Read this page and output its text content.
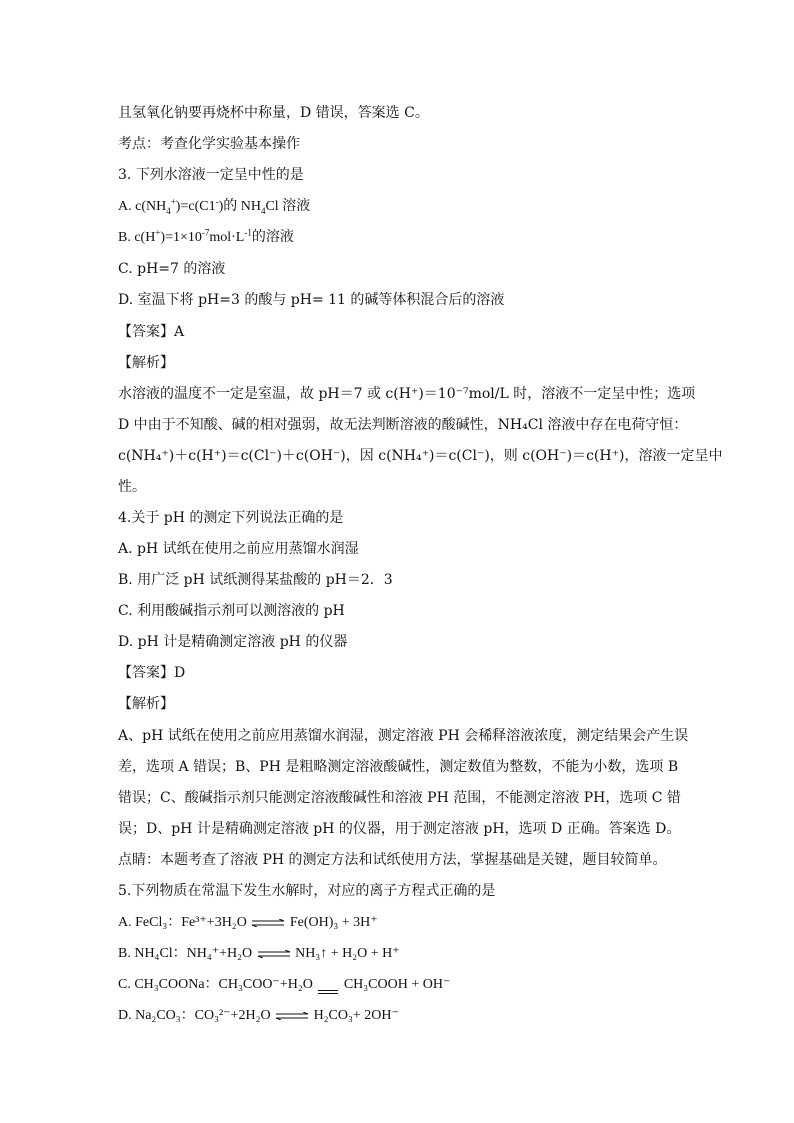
且氢氧化钠要再烧杯中称量，D 错误，答案选 C。
考点：考查化学实验基本操作
3. 下列水溶液一定呈中性的是
A. $c(NH_4^+)=c(C1^-)$的 $NH_4Cl$ 溶液
B. $c(H^+)=1\times 10^{-7}mol\cdot L^{-1}$的溶液
C. pH=7 的溶液
D. 室温下将 pH=3 的酸与 pH= 11 的碱等体积混合后的溶液
【答案】A
【解析】
水溶液的温度不一定是室温，故 pH＝7 或 c(H⁺)＝10⁻⁷mol/L 时，溶液不一定呈中性；选项
D 中由于不知酸、碱的相对强弱，故无法判断溶液的酸碱性，NH₄Cl 溶液中存在电荷守恒：
c(NH₄⁺)＋c(H⁺)＝c(Cl⁻)＋c(OH⁻)，因 c(NH₄⁺)＝c(Cl⁻)，则 c(OH⁻)＝c(H⁺)，溶液一定呈中
性。
4.关于 pH 的测定下列说法正确的是
A. pH 试纸在使用之前应用蒸馏水润湿
B. 用广泛 pH 试纸测得某盐酸的 pH＝2．3
C. 利用酸碱指示剂可以测溶液的 pH
D. pH 计是精确测定溶液 pH 的仪器
【答案】D
【解析】
A、pH 试纸在使用之前应用蒸馏水润湿，测定溶液 PH 会稀释溶液浓度，测定结果会产生误
差，选项 A 错误；B、PH 是粗略测定溶液酸碱性，测定数值为整数，不能为小数，选项 B
错误；C、酸碱指示剂只能测定溶液酸碱性和溶液 PH 范围，不能测定溶液 PH，选项 C 错
误；D、pH 计是精确测定溶液 pH 的仪器，用于测定溶液 pH，选项 D 正确。答案选 D。
点睛：本题考查了溶液 PH 的测定方法和试纸使用方法，掌握基础是关键，题目较简单。
5.下列物质在常温下发生水解时，对应的离子方程式正确的是
A. FeCl₃：Fe³⁺+3H₂O ⇌ Fe(OH)₃ + 3H⁺
B. NH₄Cl：NH₄⁺+H₂O ⇌ NH₃↑ + H₂O + H⁺
C. CH₃COONa：CH₃COO⁻+H₂O CH₃COOH + OH⁻
D. Na₂CO₃：CO₃²⁻+2H₂O ⇌ H₂CO₃+ 2OH⁻
